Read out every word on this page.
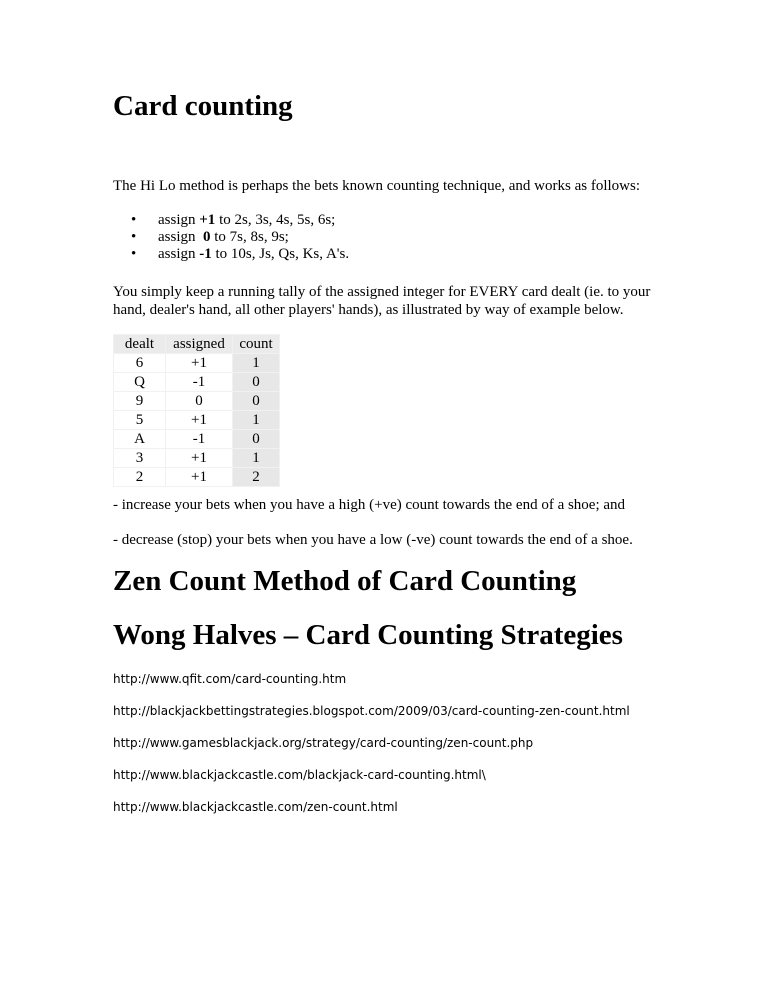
Card counting

The Hi Lo method is perhaps the bets known counting technique, and works as follows:

• assign +1 to 2s, 3s, 4s, 5s, 6s;
• assign  0 to 7s, 8s, 9s;
• assign -1 to 10s, Js, Qs, Ks, A's.

You simply keep a running tally of the assigned integer for EVERY card dealt (ie. to your hand, dealer's hand, all other players' hands), as illustrated by way of example below.

dealt	assigned	count
6	+1	1
Q	-1	0
9	0	0
5	+1	1
A	-1	0
3	+1	1
2	+1	2

- increase your bets when you have a high (+ve) count towards the end of a shoe; and

- decrease (stop) your bets when you have a low (-ve) count towards the end of a shoe.

Zen Count Method of Card Counting
Wong Halves – Card Counting Strategies
http://www.qfit.com/card-counting.htm
http://blackjackbettingstrategies.blogspot.com/2009/03/card-counting-zen-count.html
http://www.gamesblackjack.org/strategy/card-counting/zen-count.php
http://www.blackjackcastle.com/blackjack-card-counting.html\
http://www.blackjackcastle.com/zen-count.html
